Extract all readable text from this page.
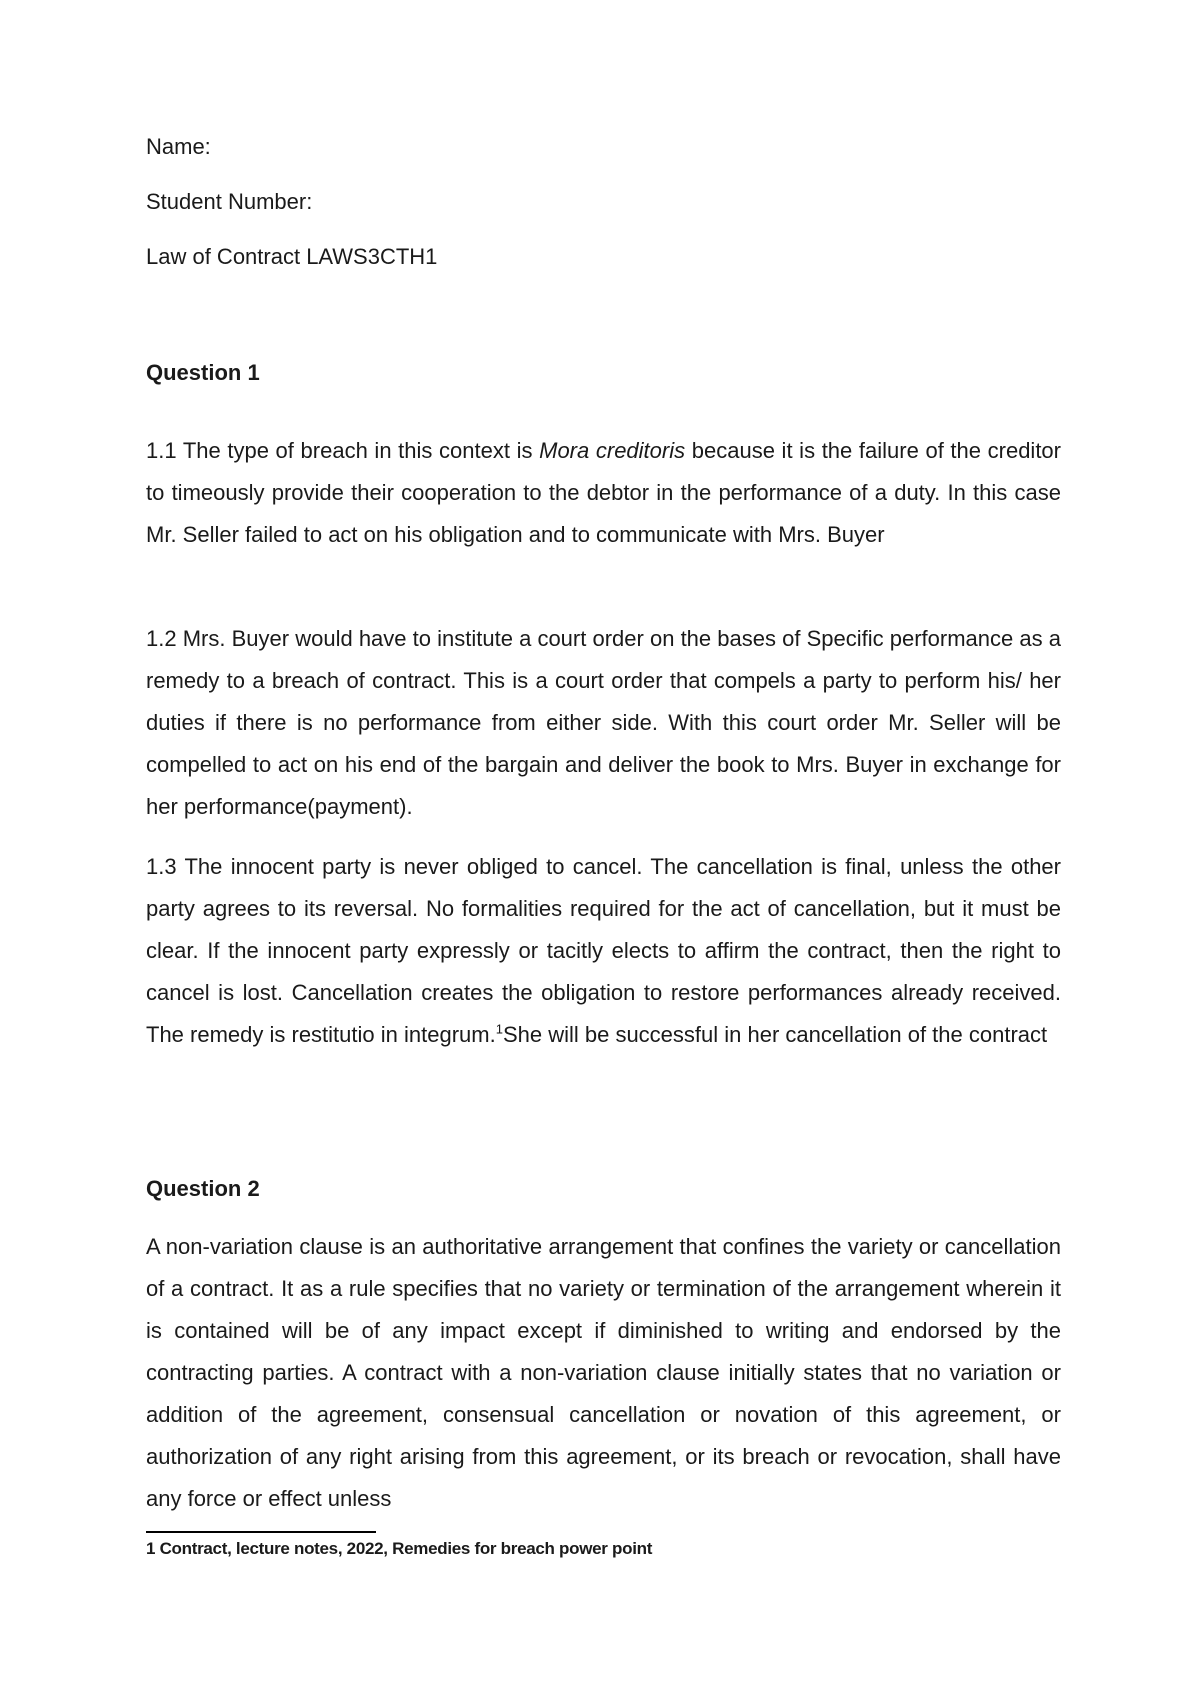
Name:
Student Number:
Law of Contract LAWS3CTH1
Question 1

1.1 The type of breach in this context is Mora creditoris because it is the failure of the creditor to timeously provide their cooperation to the debtor in the performance of a duty. In this case Mr. Seller failed to act on his obligation and to communicate with Mrs. Buyer

1.2 Mrs. Buyer would have to institute a court order on the bases of Specific performance as a remedy to a breach of contract. This is a court order that compels a party to perform his/ her duties if there is no performance from either side. With this court order Mr. Seller will be compelled to act on his end of the bargain and deliver the book to Mrs. Buyer in exchange for her performance(payment).

1.3 The innocent party is never obliged to cancel. The cancellation is final, unless the other party agrees to its reversal. No formalities required for the act of cancellation, but it must be clear. If the innocent party expressly or tacitly elects to affirm the contract, then the right to cancel is lost. Cancellation creates the obligation to restore performances already received. The remedy is restitutio in integrum.$^1$She will be successful in her cancellation of the contract

Question 2

A non-variation clause is an authoritative arrangement that confines the variety or cancellation of a contract. It as a rule specifies that no variety or termination of the arrangement wherein it is contained will be of any impact except if diminished to writing and endorsed by the contracting parties. A contract with a non-variation clause initially states that no variation or addition of the agreement, consensual cancellation or novation of this agreement, or authorization of any right arising from this agreement, or its breach or revocation, shall have any force or effect unless

1 Contract, lecture notes, 2022, Remedies for breach power point
